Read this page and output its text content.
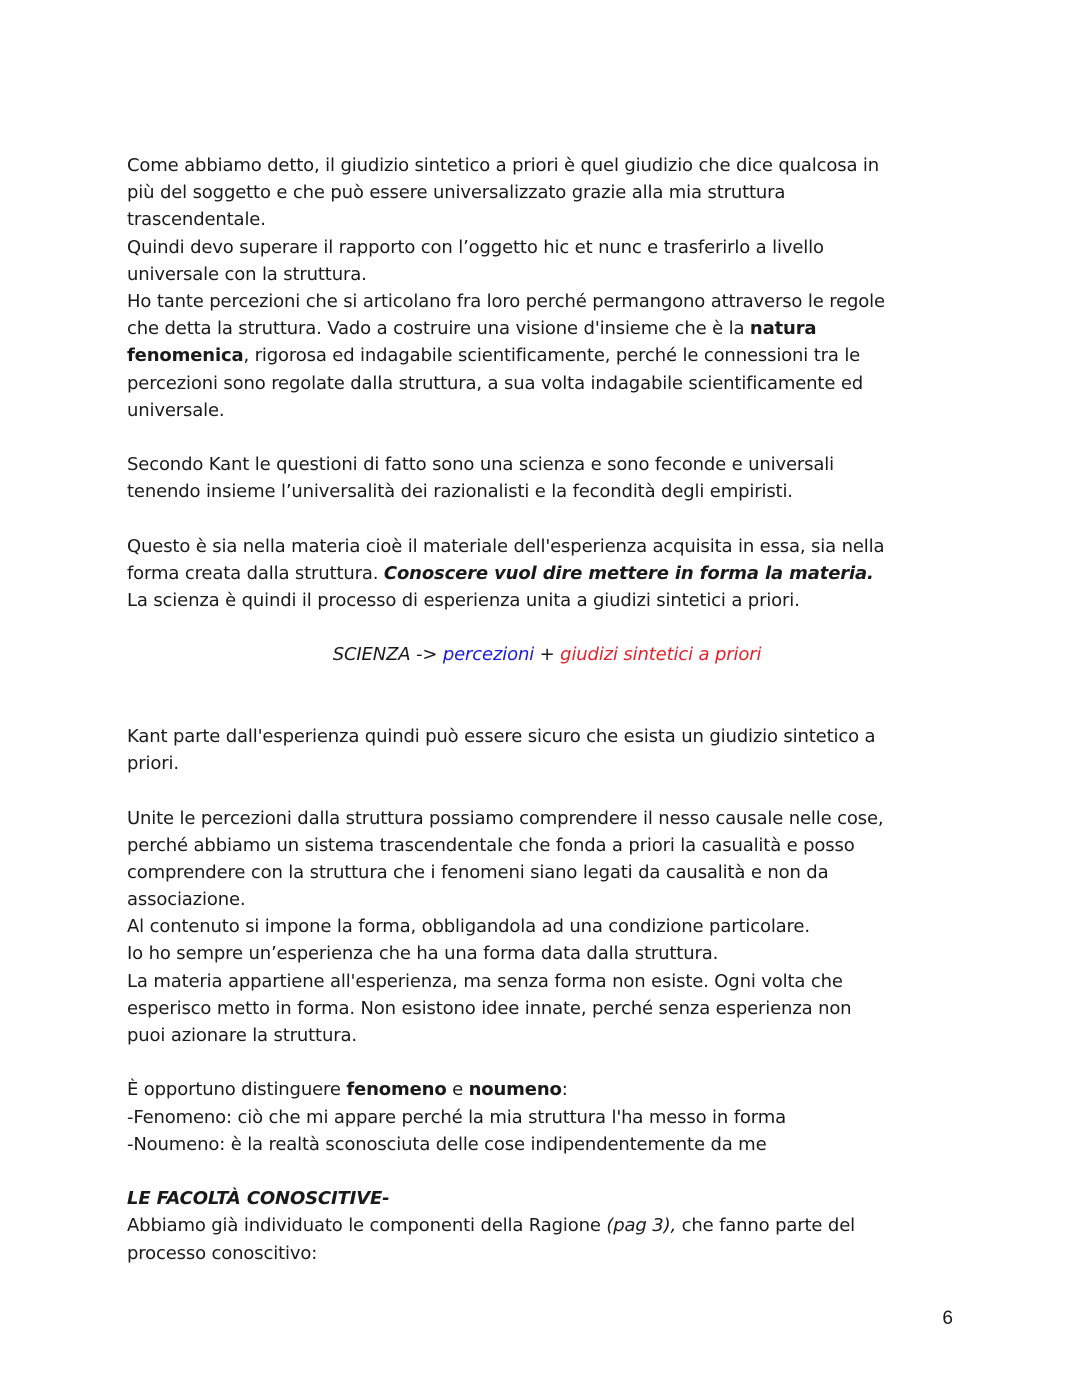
Come abbiamo detto, il giudizio sintetico a priori è quel giudizio che dice qualcosa in
più del soggetto e che può essere universalizzato grazie alla mia struttura
trascendentale.
Quindi devo superare il rapporto con l’oggetto hic et nunc e trasferirlo a livello
universale con la struttura.
Ho tante percezioni che si articolano fra loro perché permangono attraverso le regole
che detta la struttura. Vado a costruire una visione d'insieme che è la natura
fenomenica, rigorosa ed indagabile scientificamente, perché le connessioni tra le
percezioni sono regolate dalla struttura, a sua volta indagabile scientificamente ed
universale.
Secondo Kant le questioni di fatto sono una scienza e sono feconde e universali
tenendo insieme l’universalità dei razionalisti e la fecondità degli empiristi.
Questo è sia nella materia cioè il materiale dell'esperienza acquisita in essa, sia nella
forma creata dalla struttura. Conoscere vuol dire mettere in forma la materia.
La scienza è quindi il processo di esperienza unita a giudizi sintetici a priori.
SCIENZA -> percezioni + giudizi sintetici a priori
Kant parte dall'esperienza quindi può essere sicuro che esista un giudizio sintetico a
priori.
Unite le percezioni dalla struttura possiamo comprendere il nesso causale nelle cose,
perché abbiamo un sistema trascendentale che fonda a priori la casualità e posso
comprendere con la struttura che i fenomeni siano legati da causalità e non da
associazione.
Al contenuto si impone la forma, obbligandola ad una condizione particolare.
Io ho sempre un’esperienza che ha una forma data dalla struttura.
La materia appartiene all'esperienza, ma senza forma non esiste. Ogni volta che
esperisco metto in forma. Non esistono idee innate, perché senza esperienza non
puoi azionare la struttura.
È opportuno distinguere fenomeno e noumeno:
-Fenomeno: ciò che mi appare perché la mia struttura l'ha messo in forma
-Noumeno: è la realtà sconosciuta delle cose indipendentemente da me
LE FACOLTÀ CONOSCITIVE-
Abbiamo già individuato le componenti della Ragione (pag 3), che fanno parte del
processo conoscitivo:
6
